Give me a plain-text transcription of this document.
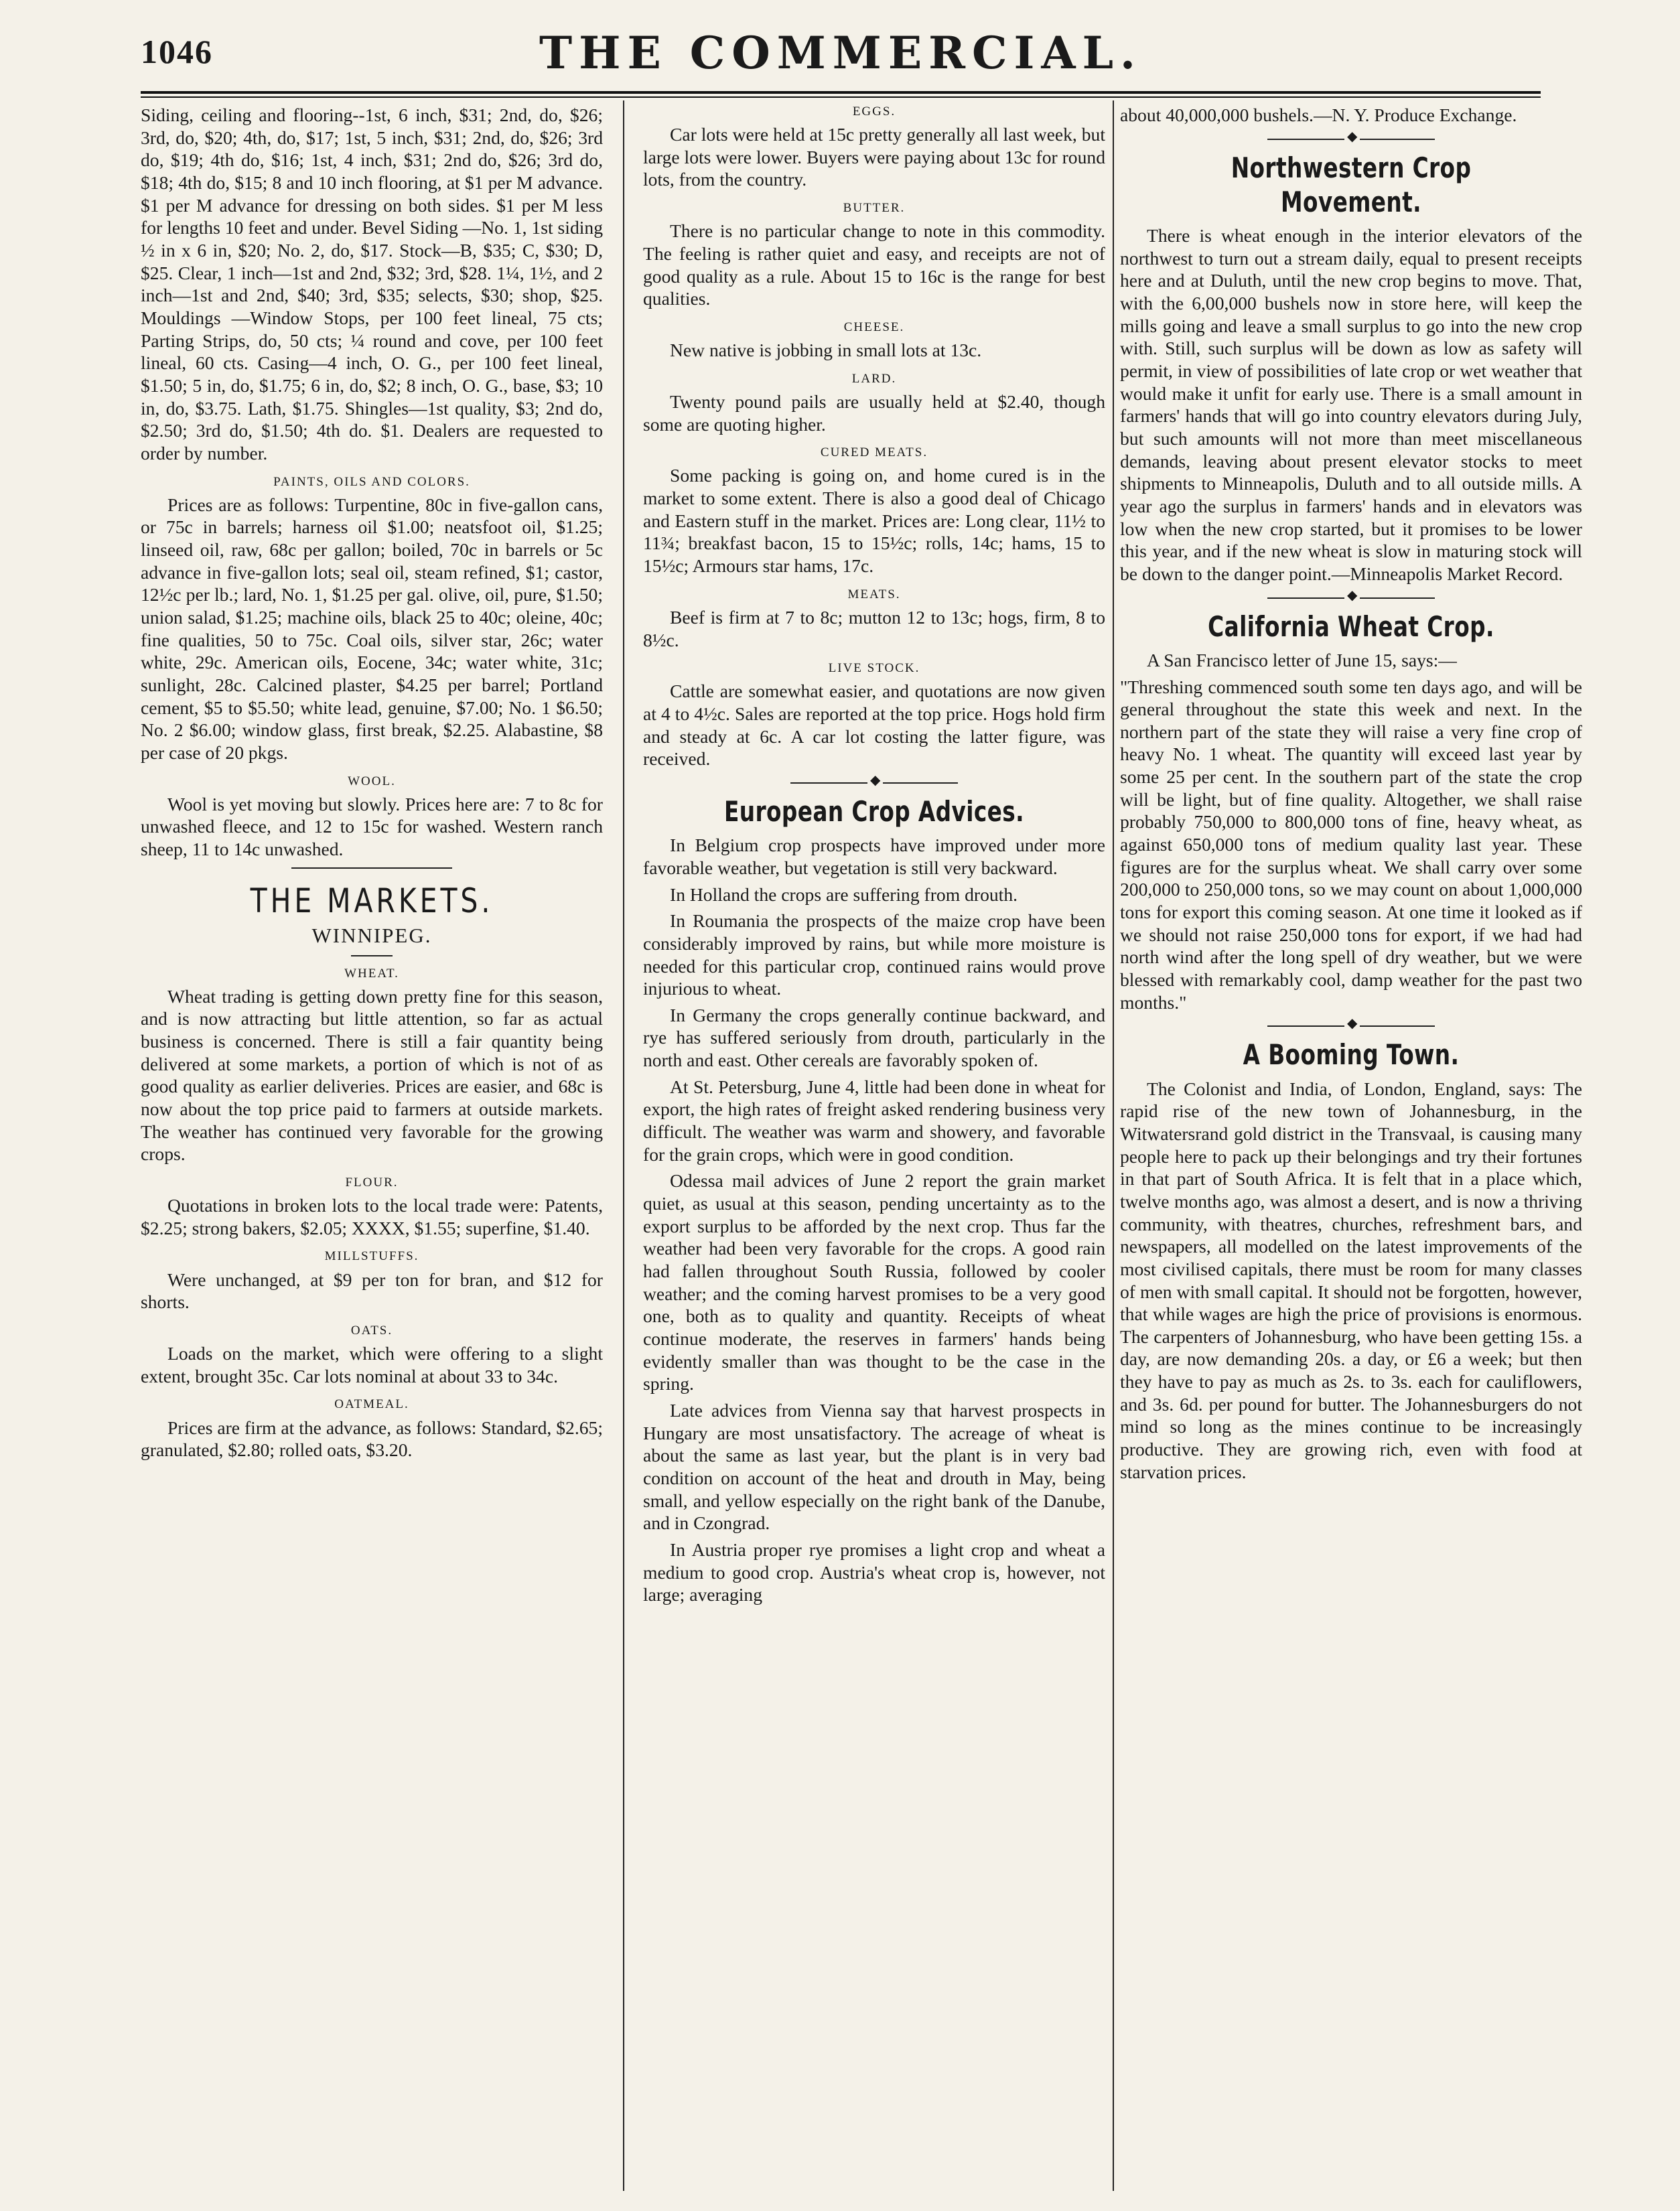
1046	THE COMMERCIAL.

Siding, ceiling and flooring--1st, 6 inch, $31; 2nd, do, $26; 3rd, do, $20; 4th, do, $17; 1st, 5 inch, $31; 2nd, do, $26; 3rd do, $19; 4th do, $16; 1st, 4 inch, $31; 2nd do, $26; 3rd do, $18; 4th do, $15; 8 and 10 inch flooring, at $1 per M advance. $1 per M advance for dressing on both sides. $1 per M less for lengths 10 feet and under. Bevel Siding —No. 1, 1st siding ½ in x 6 in, $20; No. 2, do, $17. Stock—B, $35; C, $30; D, $25. Clear, 1 inch—1st and 2nd, $32; 3rd, $28. 1¼, 1½, and 2 inch—1st and 2nd, $40; 3rd, $35; selects, $30; shop, $25. Mouldings —Window Stops, per 100 feet lineal, 75 cts; Parting Strips, do, 50 cts; ¼ round and cove, per 100 feet lineal, 60 cts. Casing—4 inch, O. G., per 100 feet lineal, $1.50; 5 in, do, $1.75; 6 in, do, $2; 8 inch, O. G., base, $3; 10 in, do, $3.75. Lath, $1.75. Shingles—1st quality, $3; 2nd do, $2.50; 3rd do, $1.50; 4th do. $1. Dealers are requested to order by number.

PAINTS, OILS AND COLORS.

Prices are as follows: Turpentine, 80c in five-gallon cans, or 75c in barrels; harness oil $1.00; neatsfoot oil, $1.25; linseed oil, raw, 68c per gallon; boiled, 70c in barrels or 5c advance in five-gallon lots; seal oil, steam refined, $1; castor, 12½c per lb.; lard, No. 1, $1.25 per gal. olive, oil, pure, $1.50; union salad, $1.25; machine oils, black 25 to 40c; oleine, 40c; fine qualities, 50 to 75c. Coal oils, silver star, 26c; water white, 29c. American oils, Eocene, 34c; water white, 31c; sunlight, 28c. Calcined plaster, $4.25 per barrel; Portland cement, $5 to $5.50; white lead, genuine, $7.00; No. 1 $6.50; No. 2 $6.00; window glass, first break, $2.25. Alabastine, $8 per case of 20 pkgs.

WOOL.

Wool is yet moving but slowly. Prices here are: 7 to 8c for unwashed fleece, and 12 to 15c for washed. Western ranch sheep, 11 to 14c unwashed.

THE MARKETS.
WINNIPEG.
WHEAT.

Wheat trading is getting down pretty fine for this season, and is now attracting but little attention, so far as actual business is concerned. There is still a fair quantity being delivered at some markets, a portion of which is not of as good quality as earlier deliveries. Prices are easier, and 68c is now about the top price paid to farmers at outside markets. The weather has continued very favorable for the growing crops.

FLOUR.

Quotations in broken lots to the local trade were: Patents, $2.25; strong bakers, $2.05; XXXX, $1.55; superfine, $1.40.

MILLSTUFFS.

Were unchanged, at $9 per ton for bran, and $12 for shorts.

OATS.

Loads on the market, which were offering to a slight extent, brought 35c. Car lots nominal at about 33 to 34c.

OATMEAL.

Prices are firm at the advance, as follows: Standard, $2.65; granulated, $2.80; rolled oats, $3.20.

EGGS.

Car lots were held at 15c pretty generally all last week, but large lots were lower. Buyers were paying about 13c for round lots, from the country.

BUTTER.

There is no particular change to note in this commodity. The feeling is rather quiet and easy, and receipts are not of good quality as a rule. About 15 to 16c is the range for best qualities.

CHEESE.

New native is jobbing in small lots at 13c.

LARD.

Twenty pound pails are usually held at $2.40, though some are quoting higher.

CURED MEATS.

Some packing is going on, and home cured is in the market to some extent. There is also a good deal of Chicago and Eastern stuff in the market. Prices are: Long clear, 11½ to 11¾; breakfast bacon, 15 to 15½c; rolls, 14c; hams, 15 to 15½c; Armours star hams, 17c.

MEATS.

Beef is firm at 7 to 8c; mutton 12 to 13c; hogs, firm, 8 to 8½c.

LIVE STOCK.

Cattle are somewhat easier, and quotations are now given at 4 to 4½c. Sales are reported at the top price. Hogs hold firm and steady at 6c. A car lot costing the latter figure, was received.

◆
European Crop Advices.

In Belgium crop prospects have improved under more favorable weather, but vegetation is still very backward.

In Holland the crops are suffering from drouth.

In Roumania the prospects of the maize crop have been considerably improved by rains, but while more moisture is needed for this particular crop, continued rains would prove injurious to wheat.

In Germany the crops generally continue backward, and rye has suffered seriously from drouth, particularly in the north and east. Other cereals are favorably spoken of.

At St. Petersburg, June 4, little had been done in wheat for export, the high rates of freight asked rendering business very difficult. The weather was warm and showery, and favorable for the grain crops, which were in good condition.

Odessa mail advices of June 2 report the grain market quiet, as usual at this season, pending uncertainty as to the export surplus to be afforded by the next crop. Thus far the weather had been very favorable for the crops. A good rain had fallen throughout South Russia, followed by cooler weather; and the coming harvest promises to be a very good one, both as to quality and quantity. Receipts of wheat continue moderate, the reserves in farmers' hands being evidently smaller than was thought to be the case in the spring.

Late advices from Vienna say that harvest prospects in Hungary are most unsatisfactory. The acreage of wheat is about the same as last year, but the plant is in very bad condition on account of the heat and drouth in May, being small, and yellow especially on the right bank of the Danube, and in Czongrad.

In Austria proper rye promises a light crop and wheat a medium to good crop. Austria's wheat crop is, however, not large; averaging

about 40,000,000 bushels.—N. Y. Produce Exchange.

◆
Northwestern Crop Movement.

There is wheat enough in the interior elevators of the northwest to turn out a stream daily, equal to present receipts here and at Duluth, until the new crop begins to move. That, with the 6,00,000 bushels now in store here, will keep the mills going and leave a small surplus to go into the new crop with. Still, such surplus will be down as low as safety will permit, in view of possibilities of late crop or wet weather that would make it unfit for early use. There is a small amount in farmers' hands that will go into country elevators during July, but such amounts will not more than meet miscellaneous demands, leaving about present elevator stocks to meet shipments to Minneapolis, Duluth and to all outside mills. A year ago the surplus in farmers' hands and in elevators was low when the new crop started, but it promises to be lower this year, and if the new wheat is slow in maturing stock will be down to the danger point.—Minneapolis Market Record.

◆
California Wheat Crop.

A San Francisco letter of June 15, says:—

"Threshing commenced south some ten days ago, and will be general throughout the state this week and next. In the northern part of the state they will raise a very fine crop of heavy No. 1 wheat. The quantity will exceed last year by some 25 per cent. In the southern part of the state the crop will be light, but of fine quality. Altogether, we shall raise probably 750,000 to 800,000 tons of fine, heavy wheat, as against 650,000 tons of medium quality last year. These figures are for the surplus wheat. We shall carry over some 200,000 to 250,000 tons, so we may count on about 1,000,000 tons for export this coming season. At one time it looked as if we should not raise 250,000 tons for export, if we had had north wind after the long spell of dry weather, but we were blessed with remarkably cool, damp weather for the past two months."

◆
A Booming Town.

The Colonist and India, of London, England, says: The rapid rise of the new town of Johannesburg, in the Witwatersrand gold district in the Transvaal, is causing many people here to pack up their belongings and try their fortunes in that part of South Africa. It is felt that in a place which, twelve months ago, was almost a desert, and is now a thriving community, with theatres, churches, refreshment bars, and newspapers, all modelled on the latest improvements of the most civilised capitals, there must be room for many classes of men with small capital. It should not be forgotten, however, that while wages are high the price of provisions is enormous. The carpenters of Johannesburg, who have been getting 15s. a day, are now demanding 20s. a day, or £6 a week; but then they have to pay as much as 2s. to 3s. each for cauliflowers, and 3s. 6d. per pound for butter. The Johannesburgers do not mind so long as the mines continue to be increasingly productive. They are growing rich, even with food at starvation prices.
